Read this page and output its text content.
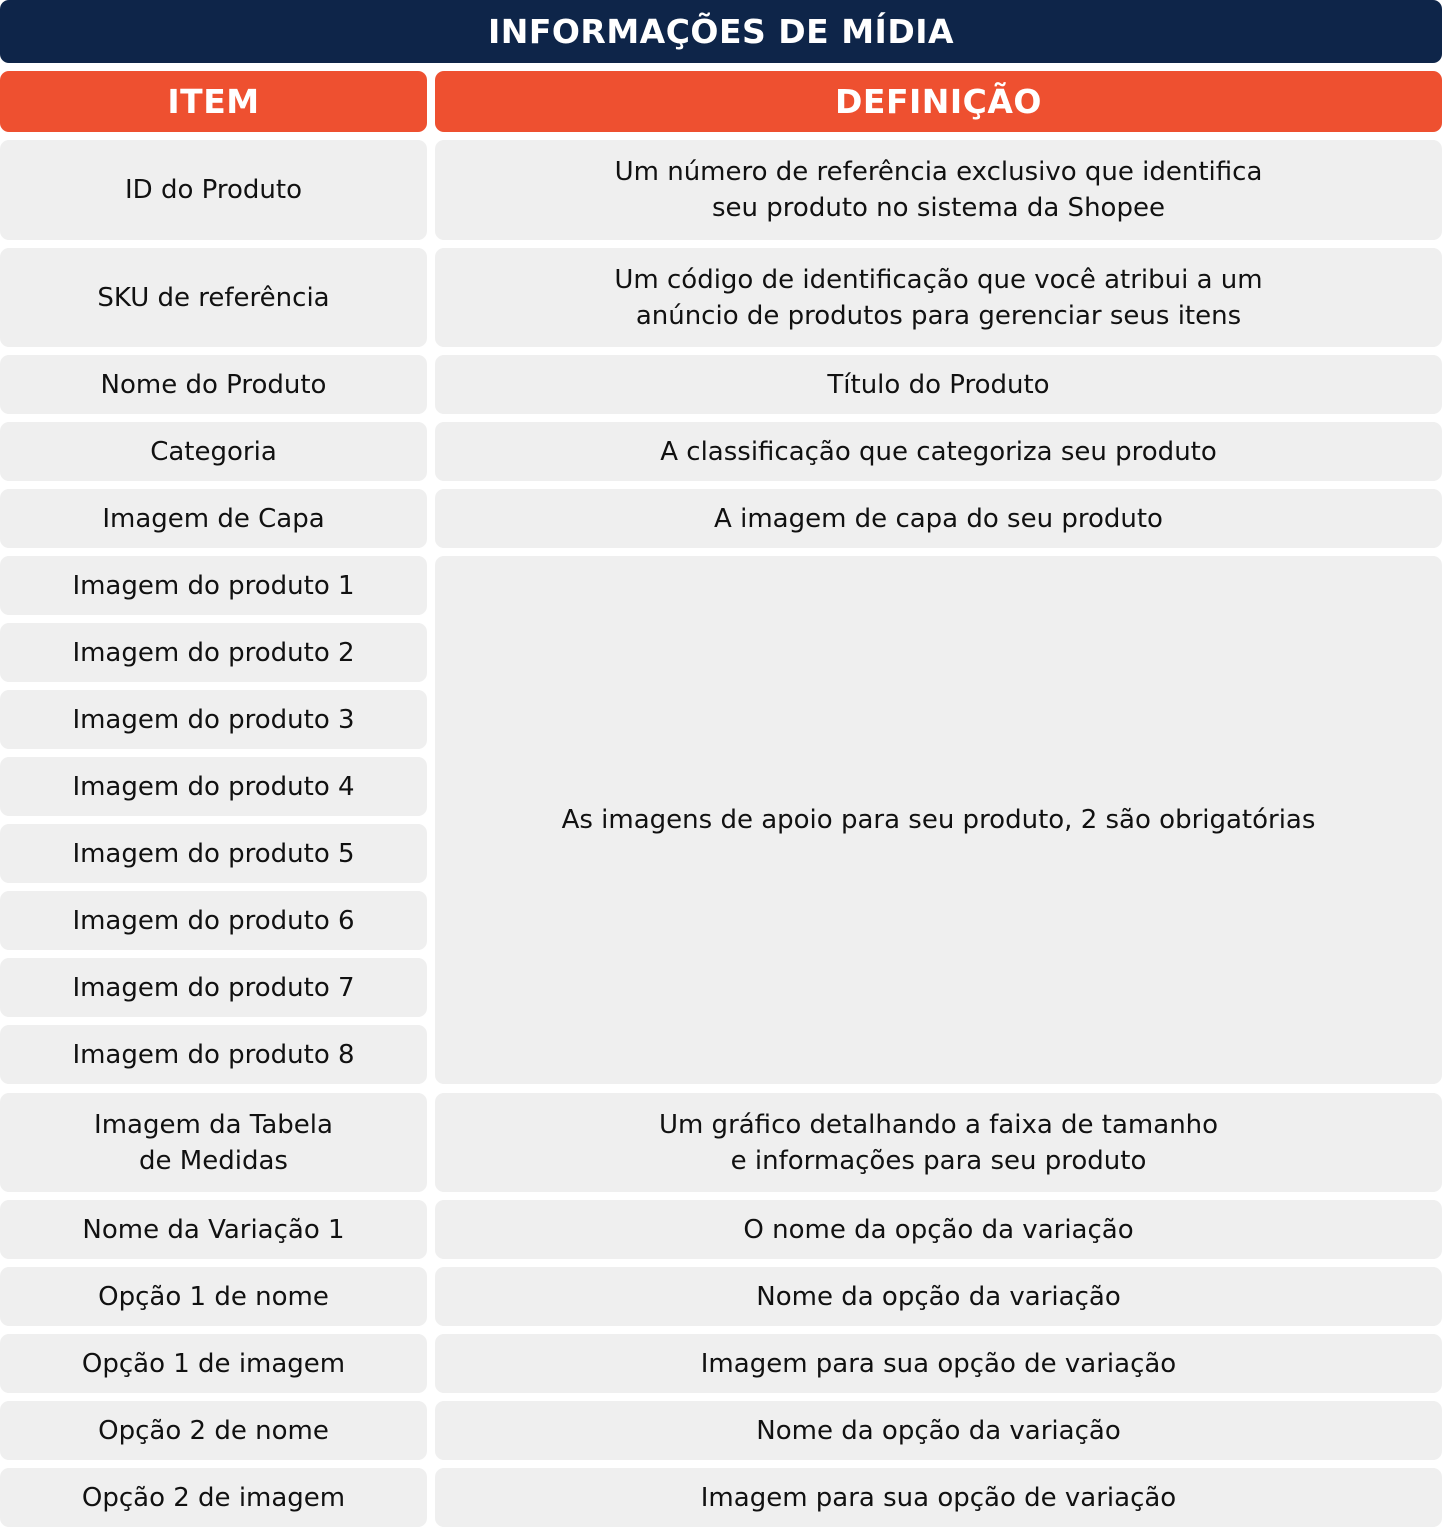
INFORMAÇÕES DE MÍDIA
ITEM	DEFINIÇÃO
ID do Produto
SKU de referência
Nome do Produto
Categoria
Imagem de Capa
Imagem do produto 1
Imagem do produto 2
Imagem do produto 3
Imagem do produto 4
Imagem do produto 5
Imagem do produto 6
Imagem do produto 7
Imagem do produto 8
Imagem da Tabela
de Medidas
Nome da Variação 1
Opção 1 de nome
Opção 1 de imagem
Opção 2 de nome
Opção 2 de imagem
Um número de referência exclusivo que identifica
seu produto no sistema da Shopee
Um código de identificação que você atribui a um
anúncio de produtos para gerenciar seus itens
Título do Produto
A classificação que categoriza seu produto
A imagem de capa do seu produto
As imagens de apoio para seu produto, 2 são obrigatórias
Um gráfico detalhando a faixa de tamanho
e informações para seu produto
O nome da opção da variação
Nome da opção da variação
Imagem para sua opção de variação
Nome da opção da variação
Imagem para sua opção de variação
